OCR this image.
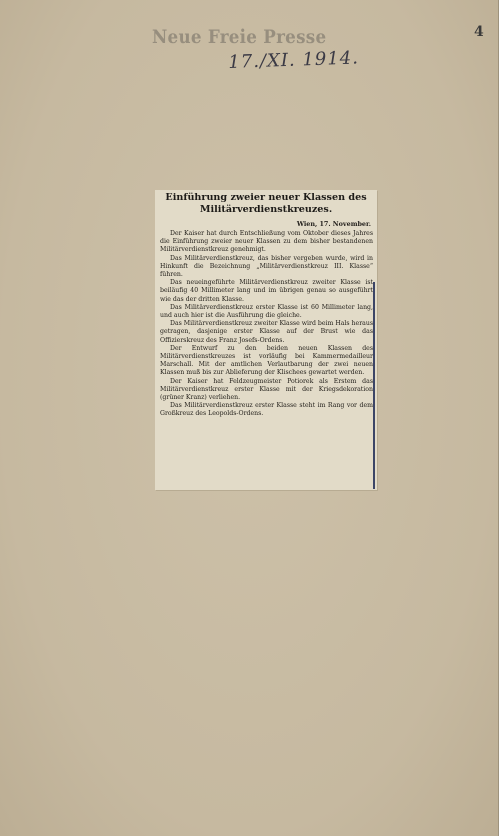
Neue Freie Presse
17./XI. 1914.
4
Einführung zweier neuer Klassen des
Militärverdienstkreuzes.
Wien, 17. November.

Der Kaiser hat durch Entschließung vom Oktober dieses Jahres die Einführung zweier neuer Klassen zu dem bisher bestandenen Militärverdienstkreuz genehmigt.

Das Militärverdienstkreuz, das bisher vergeben wurde, wird in Hinkunft die Bezeichnung „Militärverdienstkreuz III. Klasse“ führen.

Das neueingeführte Militärverdienstkreuz zweiter Klasse ist beiläufig 40 Millimeter lang und im übrigen genau so ausgeführt wie das der dritten Klasse.

Das Militärverdienstkreuz erster Klasse ist 60 Millimeter lang, und auch hier ist die Ausführung die gleiche.

Das Militärverdienstkreuz zweiter Klasse wird beim Hals heraus getragen, dasjenige erster Klasse auf der Brust wie das Offizierskreuz des Franz Josefs-Ordens.

Der Entwurf zu den beiden neuen Klassen des Militärverdienstkreuzes ist vorläufig bei Kammermedailleur Marschall. Mit der amtlichen Verlautbarung der zwei neuen Klassen muß bis zur Ablieferung der Klischees gewartet werden.

Der Kaiser hat Feldzeugmeister Potiorek als Erstem das Militärverdienstkreuz erster Klasse mit der Kriegsdekoration (grüner Kranz) verliehen.

Das Militärverdienstkreuz erster Klasse steht im Rang vor dem Großkreuz des Leopolds-Ordens.
